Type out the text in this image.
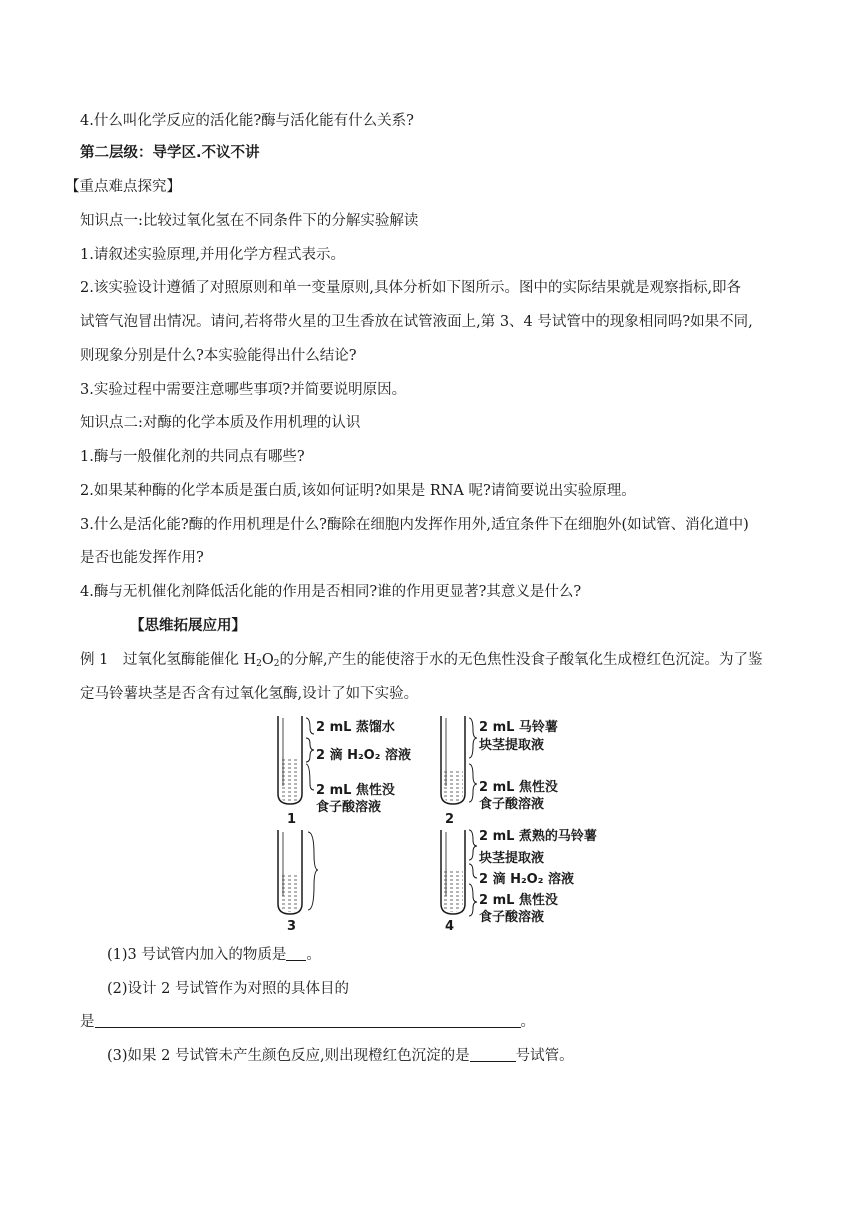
4.什么叫化学反应的活化能?酶与活化能有什么关系?
第二层级：导学区.不议不讲
【重点难点探究】
知识点一:比较过氧化氢在不同条件下的分解实验解读
1.请叙述实验原理,并用化学方程式表示。
2.该实验设计遵循了对照原则和单一变量原则,具体分析如下图所示。图中的实际结果就是观察指标,即各
试管气泡冒出情况。请问,若将带火星的卫生香放在试管液面上,第 3、4 号试管中的现象相同吗?如果不同,
则现象分别是什么?本实验能得出什么结论?
3.实验过程中需要注意哪些事项?并简要说明原因。
知识点二:对酶的化学本质及作用机理的认识
1.酶与一般催化剂的共同点有哪些?
2.如果某种酶的化学本质是蛋白质,该如何证明?如果是 RNA 呢?请简要说出实验原理。
3.什么是活化能?酶的作用机理是什么?酶除在细胞内发挥作用外,适宜条件下在细胞外(如试管、消化道中)
是否也能发挥作用?
4.酶与无机催化剂降低活化能的作用是否相同?谁的作用更显著?其意义是什么?
【思维拓展应用】
例 1　过氧化氢酶能催化 $H_2O_2$的分解,产生的能使溶于水的无色焦性没食子酸氧化生成橙红色沉淀。为了鉴
定马铃薯块茎是否含有过氧化氢酶,设计了如下实验。
2 mL 蒸馏水
2 滴 H₂O₂ 溶液
2 mL 焦性没
食子酸溶液
1
2 mL 马铃薯
块茎提取液
2 mL 焦性没
食子酸溶液
2
3
2 mL 煮熟的马铃薯
块茎提取液
2 滴 H₂O₂ 溶液
2 mL 焦性没
食子酸溶液
4
(1)3 号试管内加入的物质是 。
(2)设计 2 号试管作为对照的具体目的
是	。
(3)如果 2 号试管未产生颜色反应,则出现橙红色沉淀的是	号试管。
